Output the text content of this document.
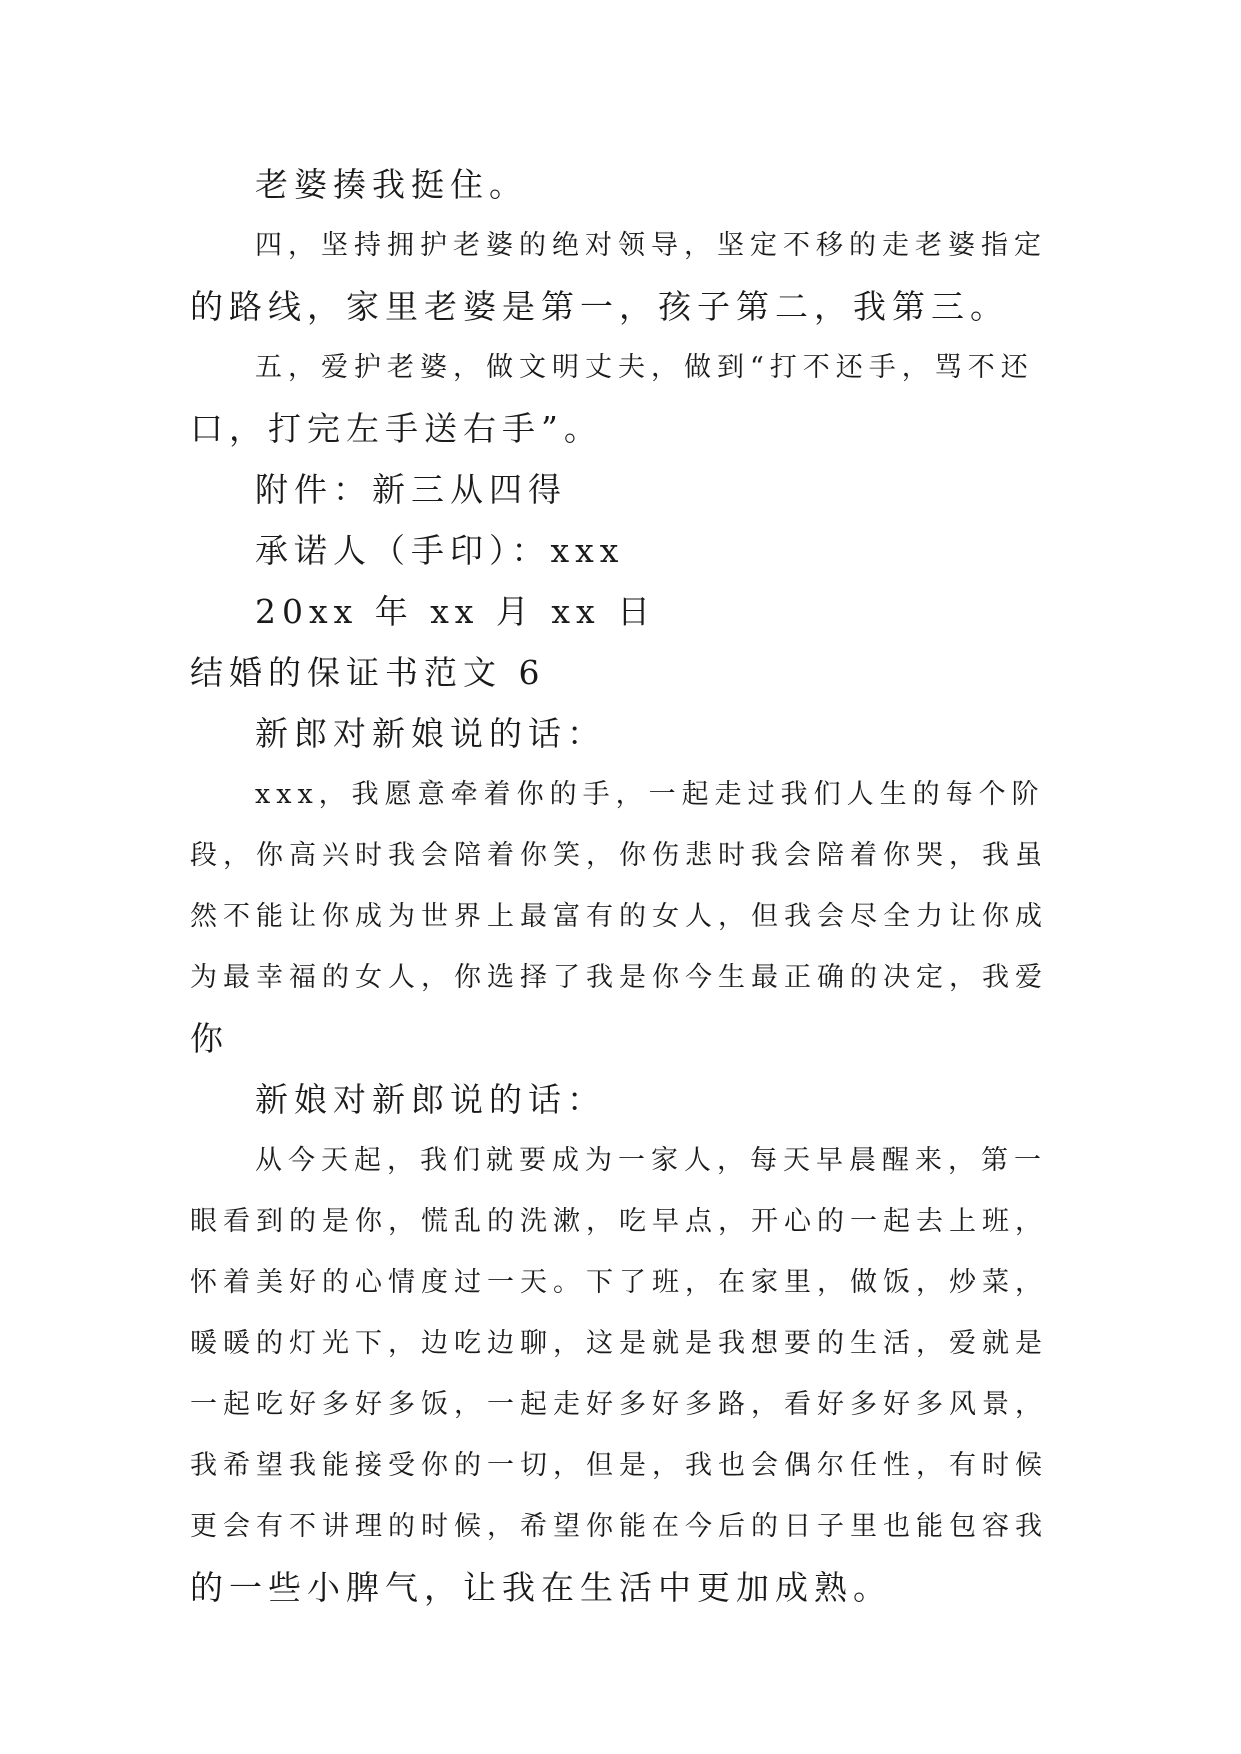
老婆揍我挺住。
四，坚持拥护老婆的绝对领导，坚定不移的走老婆指定
的路线，家里老婆是第一，孩子第二，我第三。
五，爱护老婆，做文明丈夫，做到“打不还手，骂不还
口，打完左手送右手”。
附件：新三从四得
承诺人（手印）：xxx
20xx 年 xx 月 xx 日
结婚的保证书范文 6
新郎对新娘说的话：
xxx，我愿意牵着你的手，一起走过我们人生的每个阶
段，你高兴时我会陪着你笑，你伤悲时我会陪着你哭，我虽
然不能让你成为世界上最富有的女人，但我会尽全力让你成
为最幸福的女人，你选择了我是你今生最正确的决定，我爱
你
新娘对新郎说的话：
从今天起，我们就要成为一家人，每天早晨醒来，第一
眼看到的是你，慌乱的洗漱，吃早点，开心的一起去上班，
怀着美好的心情度过一天。下了班，在家里，做饭，炒菜，
暖暖的灯光下，边吃边聊，这是就是我想要的生活，爱就是
一起吃好多好多饭，一起走好多好多路，看好多好多风景，
我希望我能接受你的一切，但是，我也会偶尔任性，有时候
更会有不讲理的时候，希望你能在今后的日子里也能包容我
的一些小脾气，让我在生活中更加成熟。
